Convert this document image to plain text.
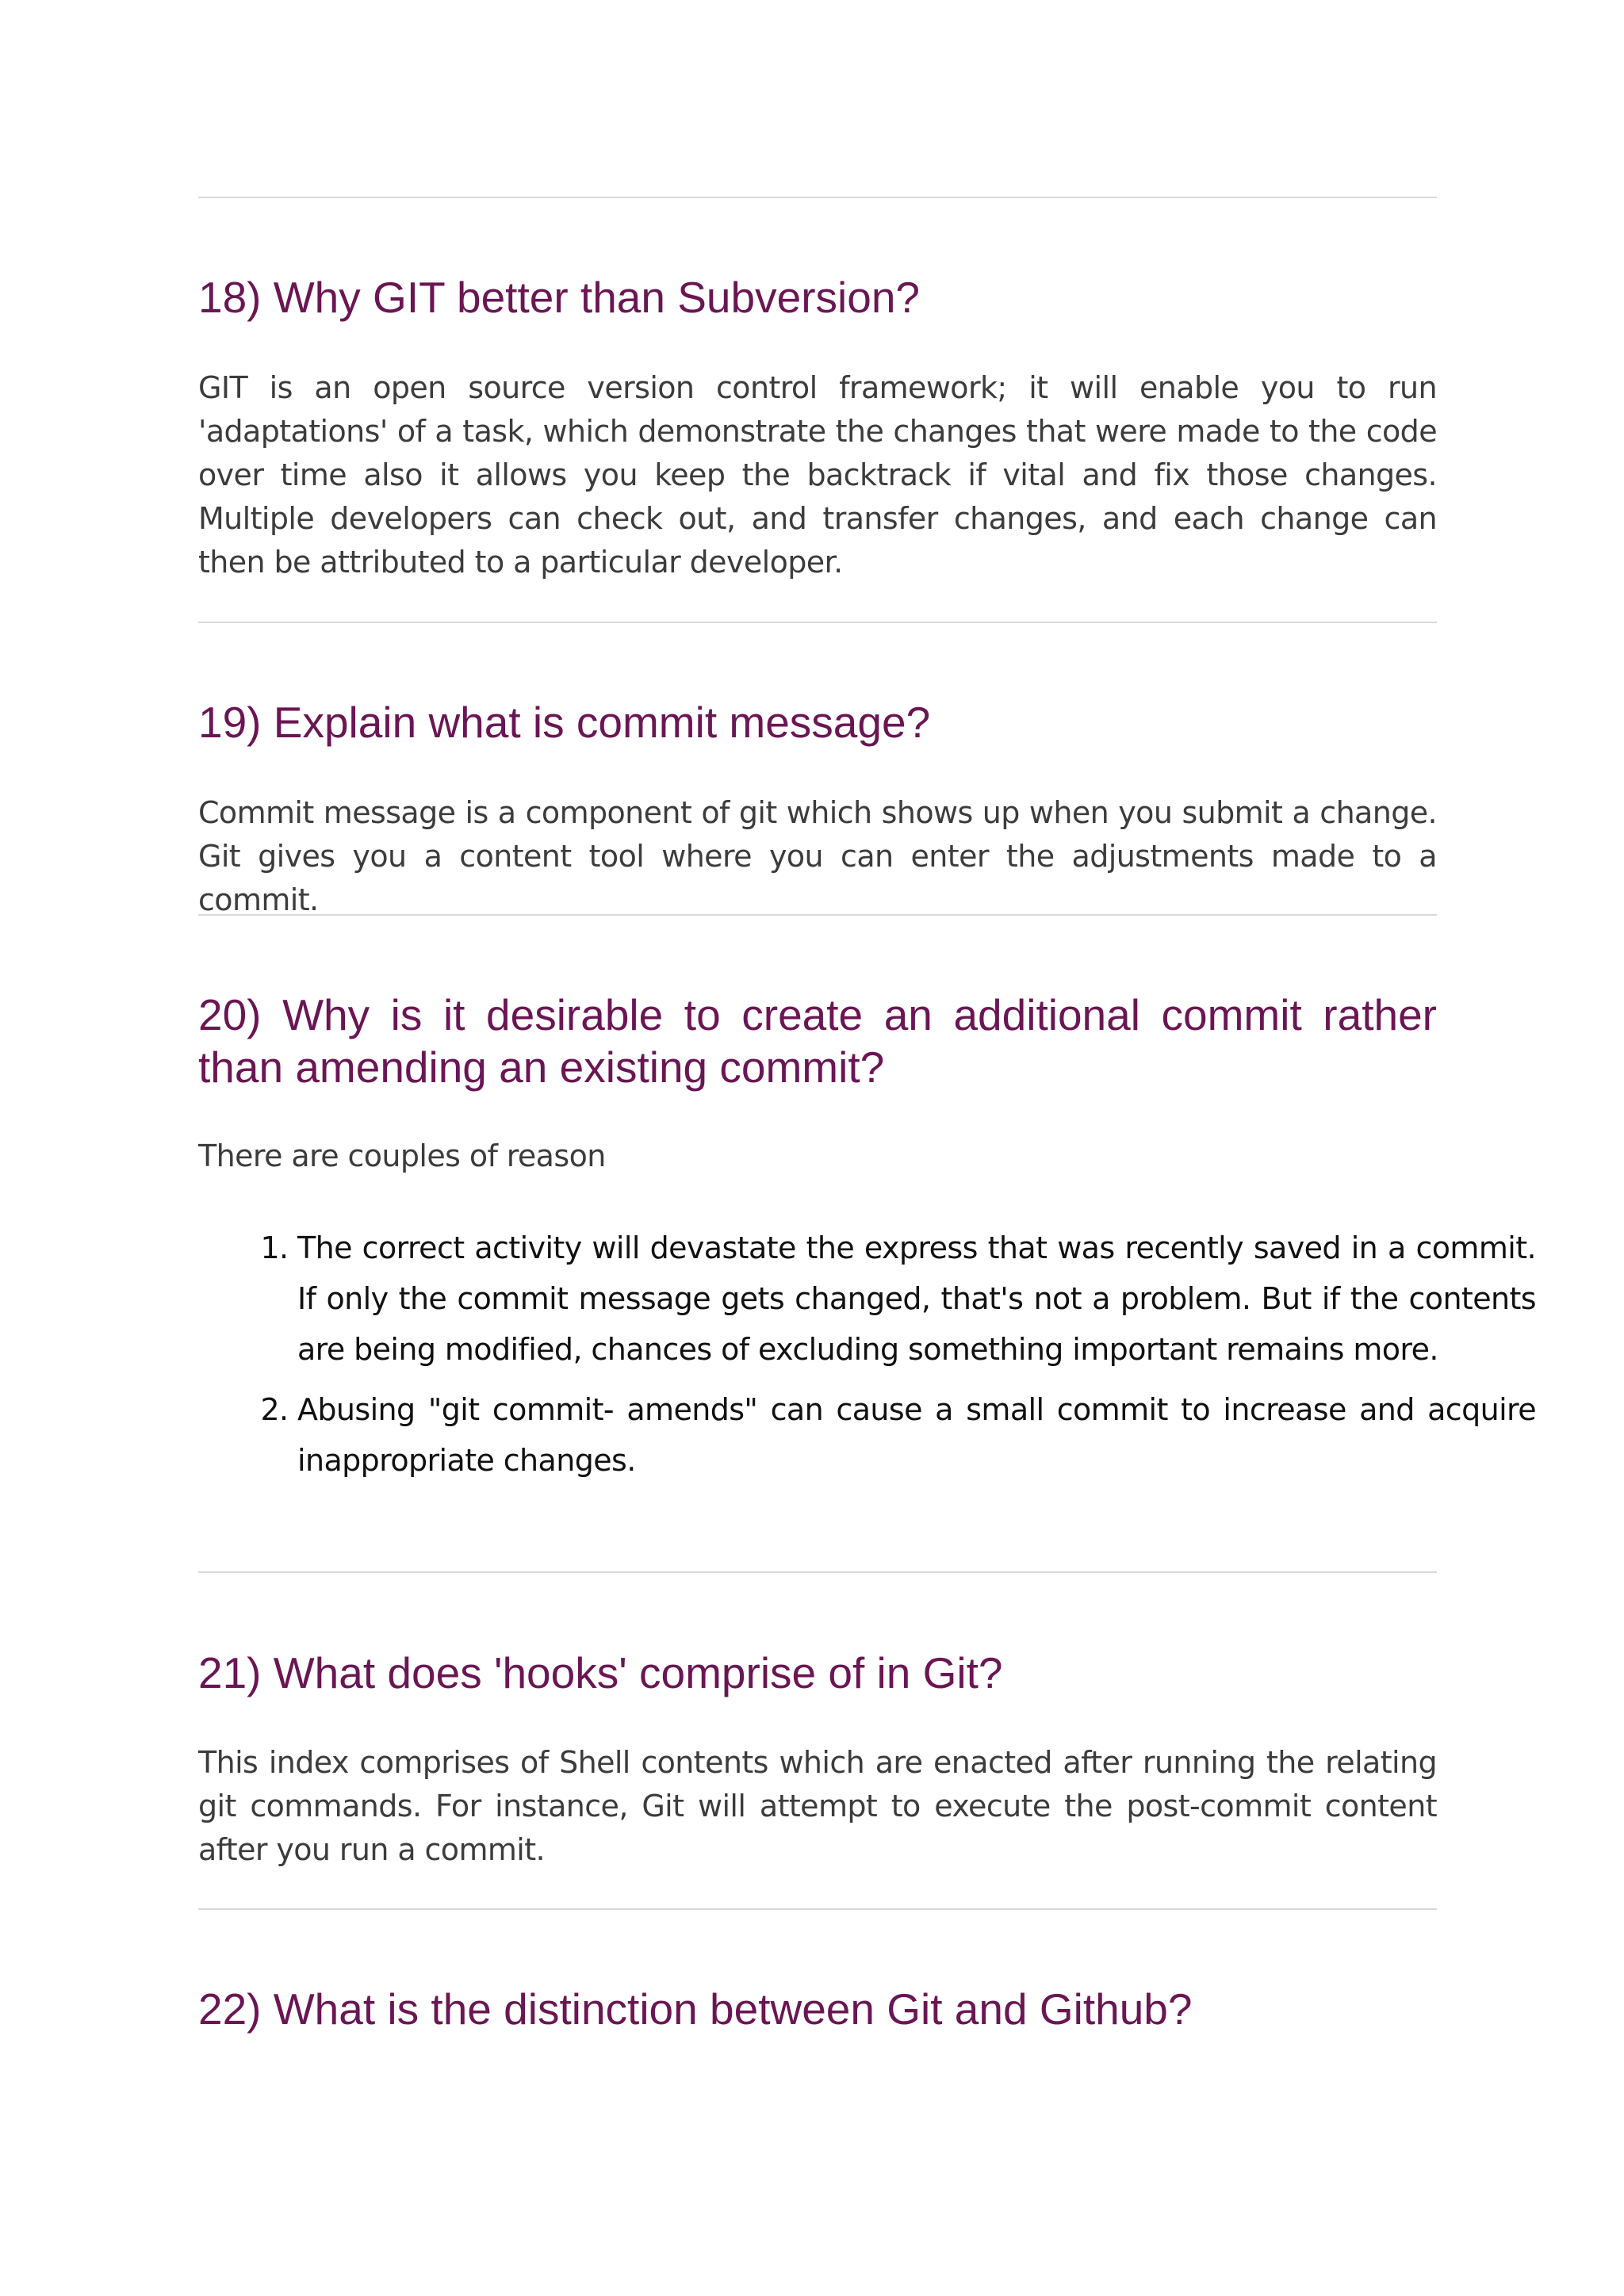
18) Why GIT better than Subversion?

GIT is an open source version control framework; it will enable you to run 'adaptations' of a task, which demonstrate the changes that were made to the code over time also it allows you keep the backtrack if vital and fix those changes. Multiple developers can check out, and transfer changes, and each change can then be attributed to a particular developer.

19) Explain what is commit message?

Commit message is a component of git which shows up when you submit a change. Git gives you a content tool where you can enter the adjustments made to a commit.

20) Why is it desirable to create an additional commit rather than amending an existing commit?

There are couples of reason

1. The correct activity will devastate the express that was recently saved in a commit. If only the commit message gets changed, that's not a problem. But if the contents are being modified, chances of excluding something important remains more.
2. Abusing "git commit- amends" can cause a small commit to increase and acquire inappropriate changes.
21) What does 'hooks' comprise of in Git?

This index comprises of Shell contents which are enacted after running the relating git commands. For instance, Git will attempt to execute the post-commit content after you run a commit.

22) What is the distinction between Git and Github?
